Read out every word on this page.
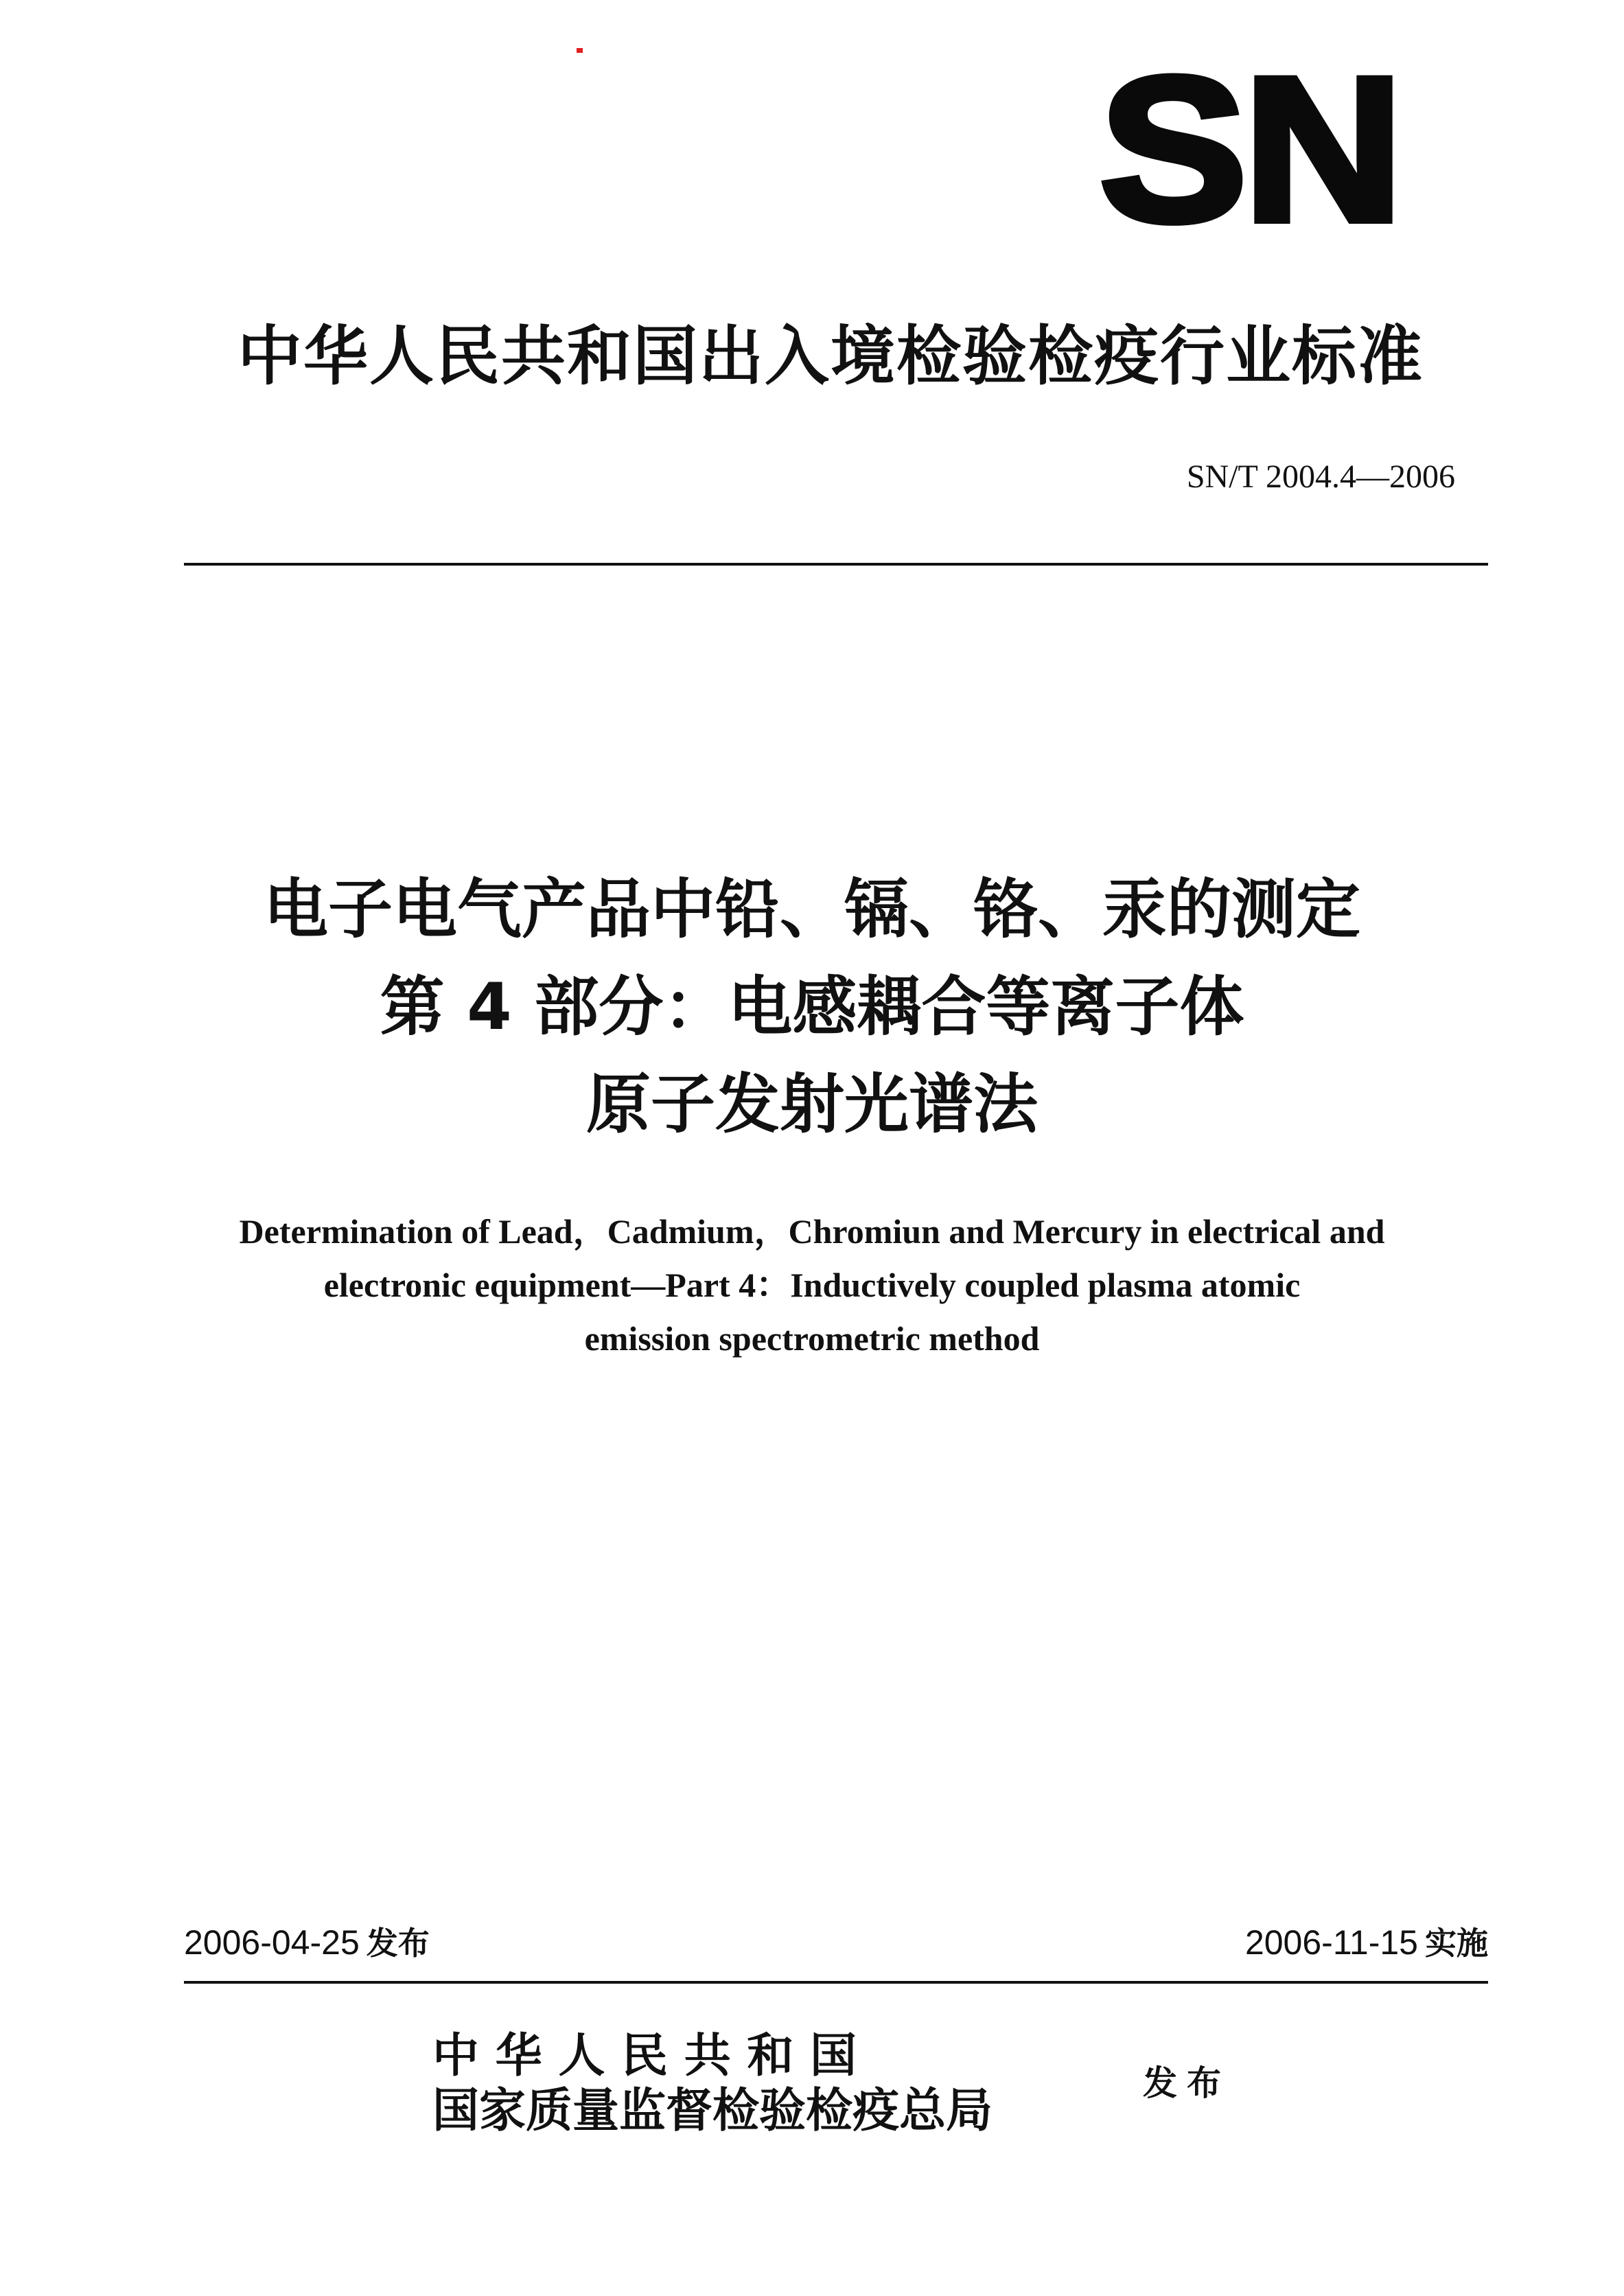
SN
中华人民共和国出入境检验检疫行业标准
SN/T 2004.4—2006
电子电气产品中铅、镉、铬、汞的测定
第 4 部分：电感耦合等离子体
原子发射光谱法
Determination of Lead，Cadmium，Chromiun and Mercury in electrical and
electronic equipment—Part 4：Inductively coupled plasma atomic
emission spectrometric method
2006-04-25 发布	2006-11-15 实施
中 华 人 民 共 和 国
国家质量监督检验检疫总局
发布
